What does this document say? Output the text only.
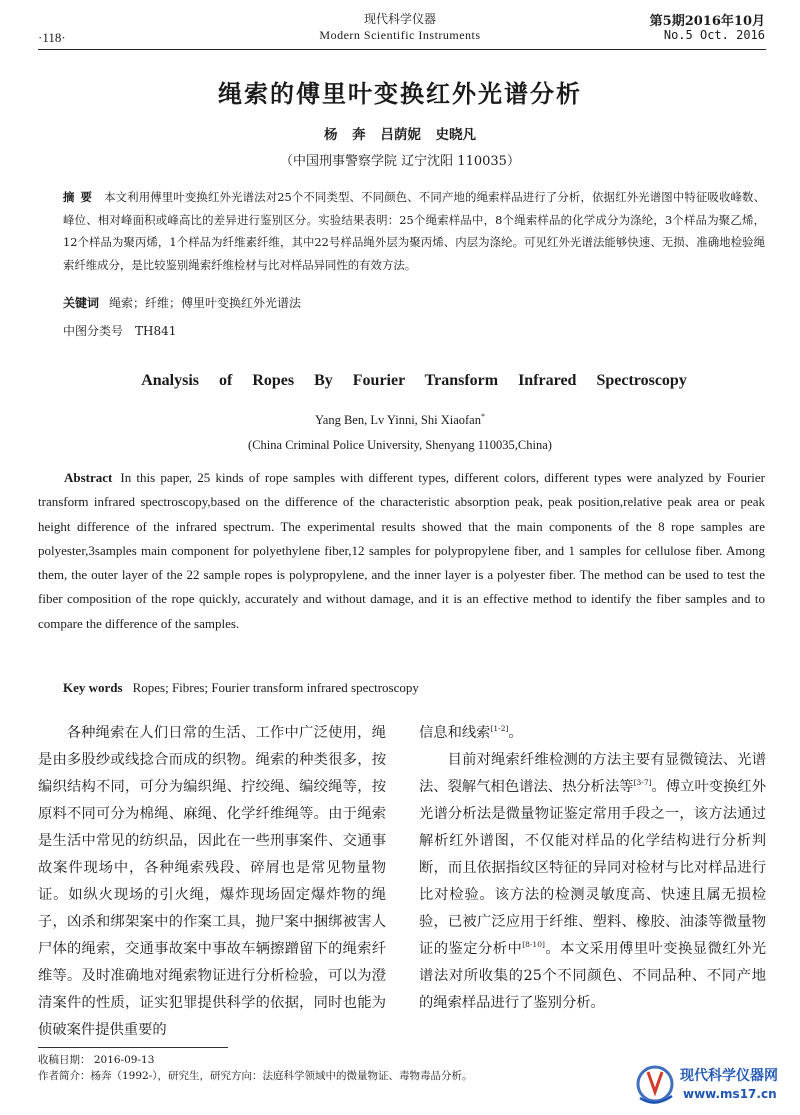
·118·
现代科学仪器
Modern Scientific Instruments
第5期2016年10月
No.5 Oct. 2016
绳索的傅里叶变换红外光谱分析
杨 奔 吕荫妮 史晓凡
（中国刑事警察学院 辽宁沈阳 110035）
摘要 本文利用傅里叶变换红外光谱法对25个不同类型、不同颜色、不同产地的绳索样品进行了分析，依据红外光谱图中特征吸收峰数、峰位、相对峰面积或峰高比的差异进行鉴别区分。实验结果表明：25个绳索样品中，8个绳索样品的化学成分为涤纶，3个样品为聚乙烯，12个样品为聚丙烯，1个样品为纤维素纤维，其中22号样品绳外层为聚丙烯、内层为涤纶。可见红外光谱法能够快速、无损、准确地检验绳索纤维成分，是比较鉴别绳索纤维检材与比对样品异同性的有效方法。
关键词 绳索；纤维；傅里叶变换红外光谱法
中图分类号 TH841
Analysis of Ropes By Fourier Transform Infrared Spectroscopy
Yang Ben, Lv Yinni, Shi Xiaofan*
(China Criminal Police University, Shenyang 110035,China)
Abstract In this paper, 25 kinds of rope samples with different types, different colors, different types were analyzed by Fourier transform infrared spectroscopy,based on the difference of the characteristic absorption peak, peak position,relative peak area or peak height difference of the infrared spectrum. The experimental results showed that the main components of the 8 rope samples are polyester,3samples main component for polyethylene fiber,12 samples for polypropylene fiber, and 1 samples for cellulose fiber. Among them, the outer layer of the 22 sample ropes is polypropylene, and the inner layer is a polyester fiber. The method can be used to test the fiber composition of the rope quickly, accurately and without damage, and it is an effective method to identify the fiber samples and to compare the difference of the samples.
Key words Ropes; Fibres; Fourier transform infrared spectroscopy

各种绳索在人们日常的生活、工作中广泛使用，绳是由多股纱或线捻合而成的织物。绳索的种类很多，按编织结构不同，可分为编织绳、拧绞绳、编绞绳等，按原料不同可分为棉绳、麻绳、化学纤维绳等。由于绳索是生活中常见的纺织品，因此在一些刑事案件、交通事故案件现场中，各种绳索残段、碎屑也是常见物量物证。如纵火现场的引火绳，爆炸现场固定爆炸物的绳子，凶杀和绑架案中的作案工具，抛尸案中捆绑被害人尸体的绳索，交通事故案中事故车辆擦蹭留下的绳索纤维等。及时准确地对绳索物证进行分析检验，可以为澄清案件的性质，证实犯罪提供科学的依据，同时也能为侦破案件提供重要的

信息和线索[1-2]。

目前对绳索纤维检测的方法主要有显微镜法、光谱法、裂解气相色谱法、热分析法等[3-7]。傅立叶变换红外光谱分析法是微量物证鉴定常用手段之一，该方法通过解析红外谱图，不仅能对样品的化学结构进行分析判断，而且依据指纹区特征的异同对检材与比对样品进行比对检验。该方法的检测灵敏度高、快速且属无损检验，已被广泛应用于纤维、塑料、橡胶、油漆等微量物证的鉴定分析中[8-10]。本文采用傅里叶变换显微红外光谱法对所收集的25个不同颜色、不同品种、不同产地的绳索样品进行了鉴别分析。

收稿日期： 2016-09-13
作者简介：杨奔（1992-），研究生，研究方向：法庭科学领域中的微量物证、毒物毒品分析。	现代科学仪器网
www.ms17.cn
